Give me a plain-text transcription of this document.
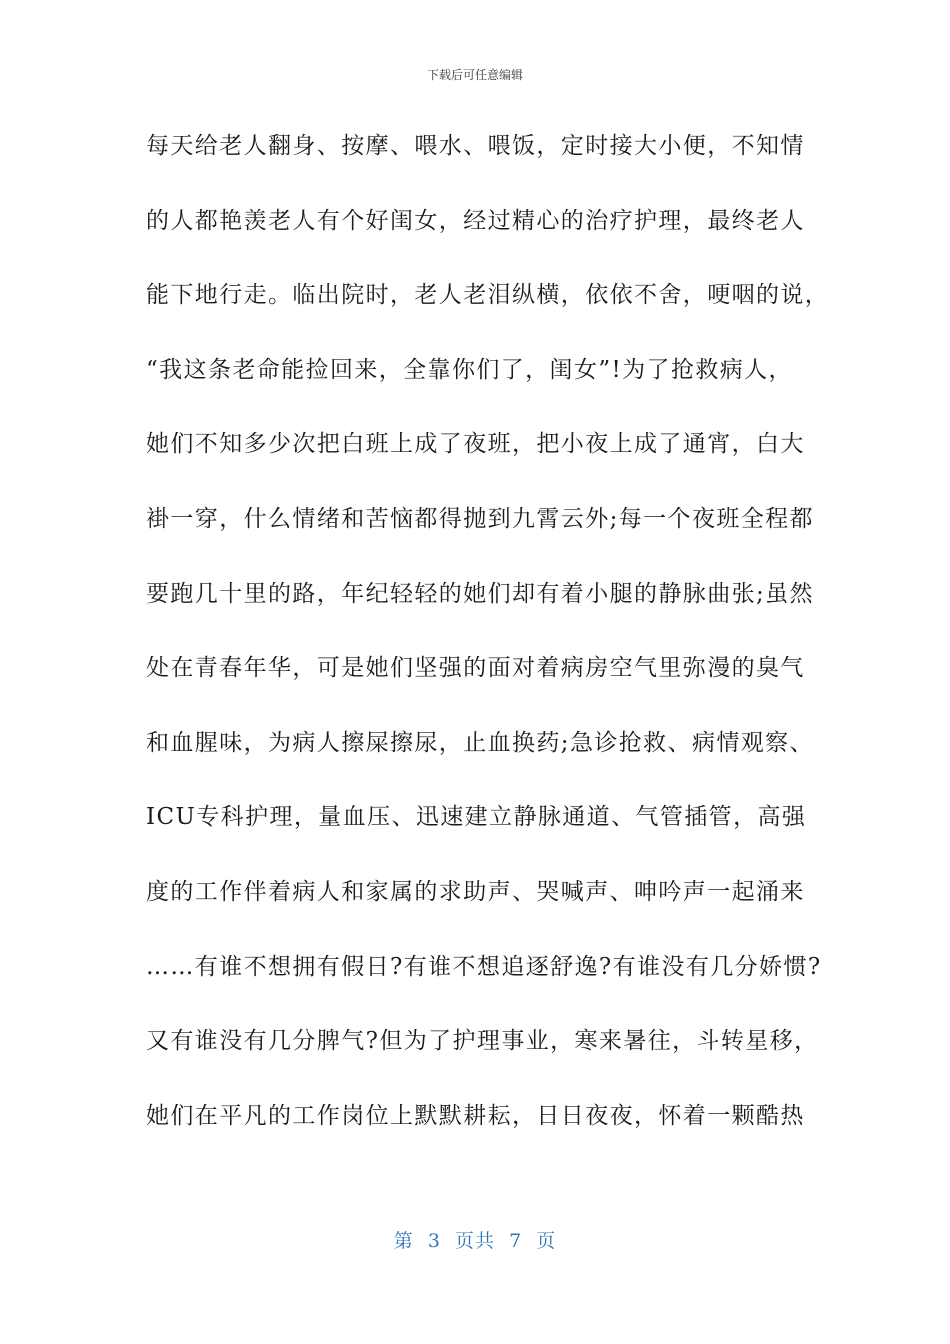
下载后可任意编辑
每天给老人翻身、按摩、喂水、喂饭，定时接大小便，不知情
的人都艳羡老人有个好闺女，经过精心的治疗护理，最终老人
能下地行走。临出院时，老人老泪纵横，依依不舍，哽咽的说，
“我这条老命能捡回来，全靠你们了，闺女”!为了抢救病人，
她们不知多少次把白班上成了夜班，把小夜上成了通宵，白大
褂一穿，什么情绪和苦恼都得抛到九霄云外;每一个夜班全程都
要跑几十里的路，年纪轻轻的她们却有着小腿的静脉曲张;虽然
处在青春年华，可是她们坚强的面对着病房空气里弥漫的臭气
和血腥味，为病人擦屎擦尿，止血换药;急诊抢救、病情观察、
ICU专科护理，量血压、迅速建立静脉通道、气管插管，高强
度的工作伴着病人和家属的求助声、哭喊声、呻吟声一起涌来
……有谁不想拥有假日?有谁不想追逐舒逸?有谁没有几分娇惯?
又有谁没有几分脾气?但为了护理事业，寒来暑往，斗转星移，
她们在平凡的工作岗位上默默耕耘，日日夜夜，怀着一颗酷热
第  3  页共  7  页
